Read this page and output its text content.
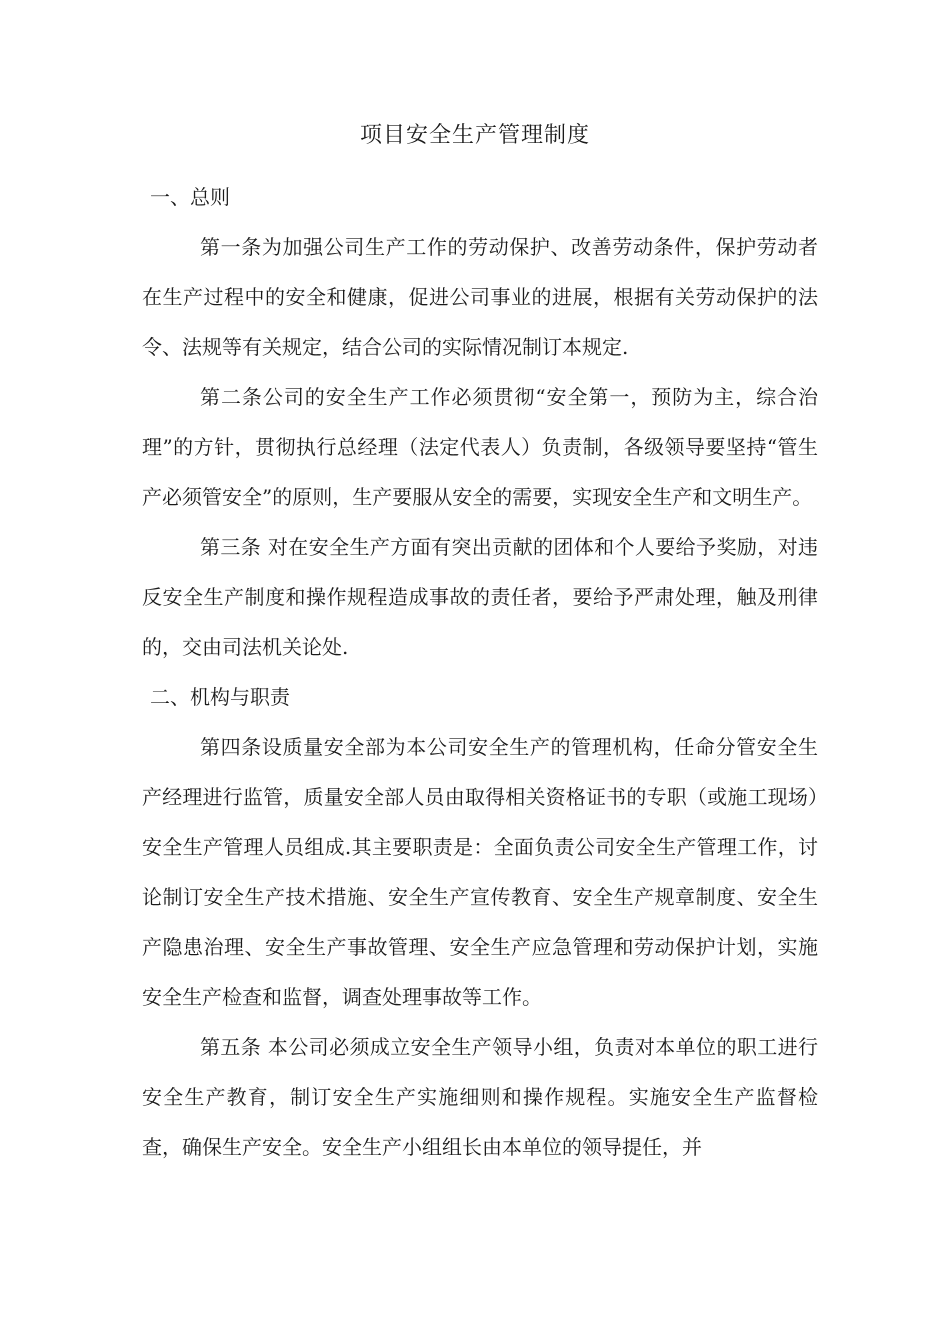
项目安全生产管理制度

一、总则

第一条为加强公司生产工作的劳动保护、改善劳动条件，保护劳动者在生产过程中的安全和健康，促进公司事业的进展，根据有关劳动保护的法令、法规等有关规定，结合公司的实际情况制订本规定.

第二条公司的安全生产工作必须贯彻“安全第一，预防为主，综合治理”的方针，贯彻执行总经理（法定代表人）负责制，各级领导要坚持“管生产必须管安全”的原则，生产要服从安全的需要，实现安全生产和文明生产。

第三条 对在安全生产方面有突出贡献的团体和个人要给予奖励，对违反安全生产制度和操作规程造成事故的责任者，要给予严肃处理，触及刑律的，交由司法机关论处.

二、机构与职责

第四条设质量安全部为本公司安全生产的管理机构，任命分管安全生产经理进行监管，质量安全部人员由取得相关资格证书的专职（或施工现场）安全生产管理人员组成.其主要职责是：全面负责公司安全生产管理工作，讨论制订安全生产技术措施、安全生产宣传教育、安全生产规章制度、安全生产隐患治理、安全生产事故管理、安全生产应急管理和劳动保护计划，实施安全生产检查和监督，调查处理事故等工作。

第五条 本公司必须成立安全生产领导小组，负责对本单位的职工进行安全生产教育，制订安全生产实施细则和操作规程。实施安全生产监督检查，确保生产安全。安全生产小组组长由本单位的领导提任，并
